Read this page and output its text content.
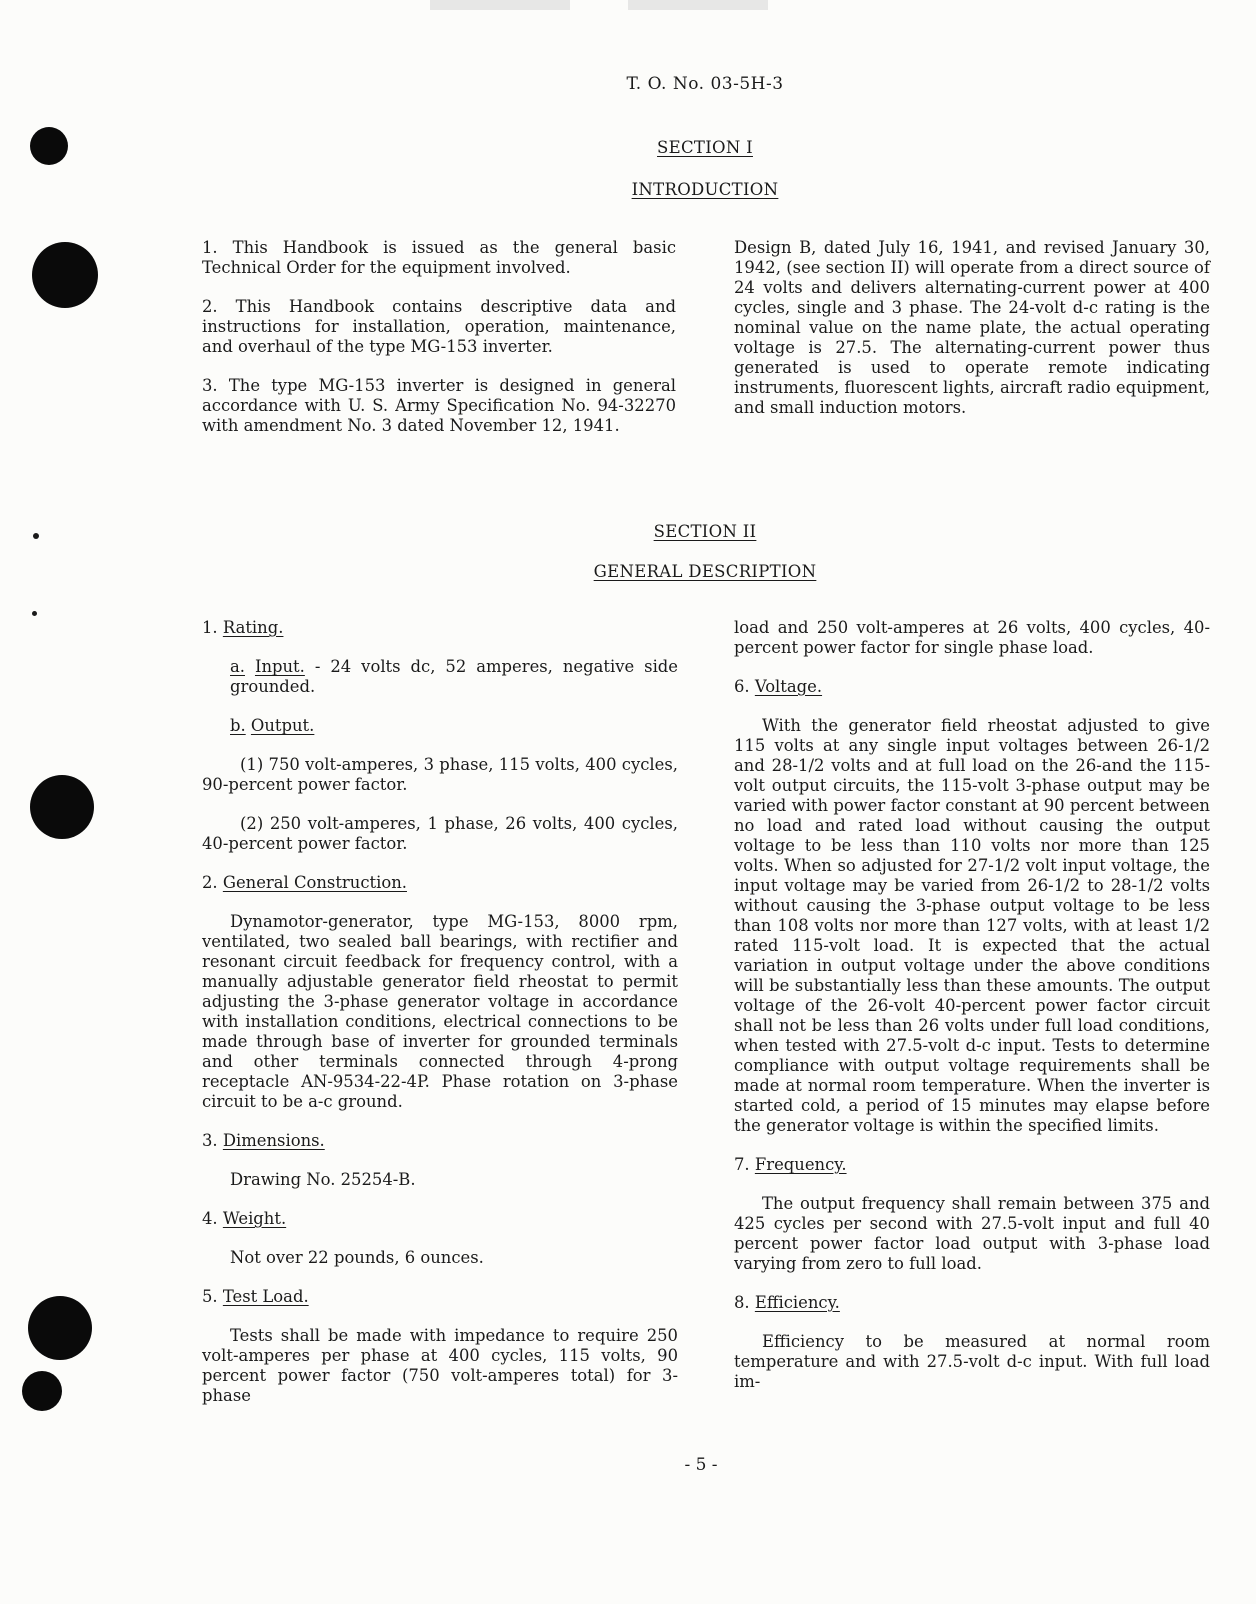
T. O. No. 03-5H-3
SECTION I
INTRODUCTION

1. This Handbook is issued as the general basic Technical Order for the equipment involved.

2. This Handbook contains descriptive data and instructions for installation, operation, maintenance, and overhaul of the type MG-153 inverter.

3. The type MG-153 inverter is designed in general accordance with U. S. Army Specification No. 94-32270 with amendment No. 3 dated November 12, 1941.

Design B, dated July 16, 1941, and revised January 30, 1942, (see section II) will operate from a direct source of 24 volts and delivers alternating-current power at 400 cycles, single and 3 phase. The 24-volt d-c rating is the nominal value on the name plate, the actual operating voltage is 27.5. The alternating-current power thus generated is used to operate remote indicating instruments, fluorescent lights, aircraft radio equipment, and small induction motors.

SECTION II
GENERAL DESCRIPTION

1. Rating.

a. Input. - 24 volts dc, 52 amperes, negative side grounded.

b. Output.

(1) 750 volt-amperes, 3 phase, 115 volts, 400 cycles, 90-percent power factor.

(2) 250 volt-amperes, 1 phase, 26 volts, 400 cycles, 40-percent power factor.

2. General Construction.

Dynamotor-generator, type MG-153, 8000 rpm, ventilated, two sealed ball bearings, with rectifier and resonant circuit feedback for frequency control, with a manually adjustable generator field rheostat to permit adjusting the 3-phase generator voltage in accordance with installation conditions, electrical connections to be made through base of inverter for grounded terminals and other terminals connected through 4-prong receptacle AN-9534-22-4P. Phase rotation on 3-phase circuit to be a-c ground.

3. Dimensions.

Drawing No. 25254-B.

4. Weight.

Not over 22 pounds, 6 ounces.

5. Test Load.

Tests shall be made with impedance to require 250 volt-amperes per phase at 400 cycles, 115 volts, 90 percent power factor (750 volt-amperes total) for 3-phase

load and 250 volt-amperes at 26 volts, 400 cycles, 40-percent power factor for single phase load.

6. Voltage.

With the generator field rheostat adjusted to give 115 volts at any single input voltages between 26-1/2 and 28-1/2 volts and at full load on the 26-and the 115-volt output circuits, the 115-volt 3-phase output may be varied with power factor constant at 90 percent between no load and rated load without causing the output voltage to be less than 110 volts nor more than 125 volts. When so adjusted for 27-1/2 volt input voltage, the input voltage may be varied from 26-1/2 to 28-1/2 volts without causing the 3-phase output voltage to be less than 108 volts nor more than 127 volts, with at least 1/2 rated 115-volt load. It is expected that the actual variation in output voltage under the above conditions will be substantially less than these amounts. The output voltage of the 26-volt 40-percent power factor circuit shall not be less than 26 volts under full load conditions, when tested with 27.5-volt d-c input. Tests to determine compliance with output voltage requirements shall be made at normal room temperature. When the inverter is started cold, a period of 15 minutes may elapse before the generator voltage is within the specified limits.

7. Frequency.

The output frequency shall remain between 375 and 425 cycles per second with 27.5-volt input and full 40 percent power factor load output with 3-phase load varying from zero to full load.

8. Efficiency.

Efficiency to be measured at normal room temperature and with 27.5-volt d-c input. With full load im-

- 5 -
